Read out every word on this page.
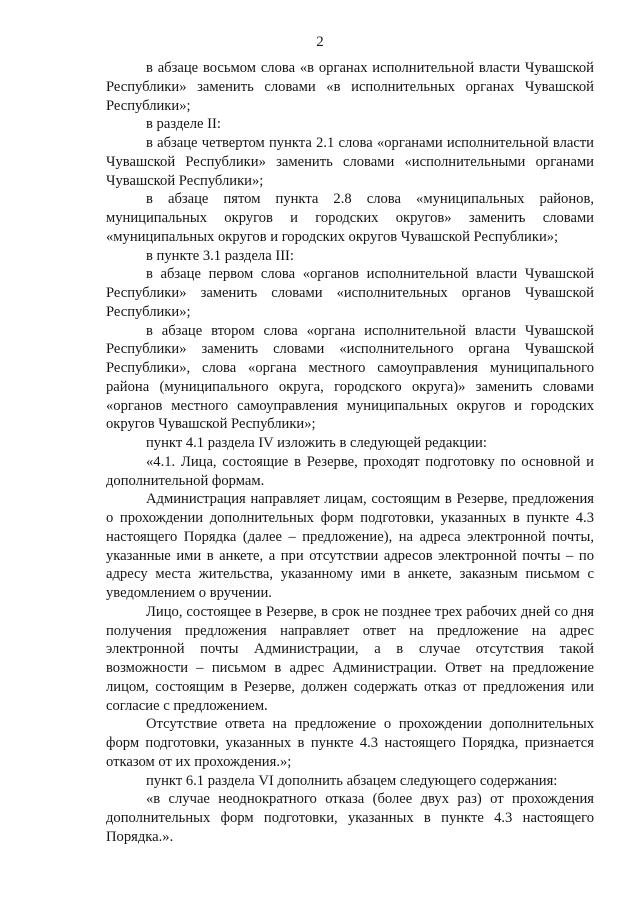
2

в абзаце восьмом слова «в органах исполнительной власти Чувашской Республики» заменить словами «в исполнительных органах Чувашской Республики»;

в разделе II:

в абзаце четвертом пункта 2.1 слова «органами исполнительной власти Чувашской Республики» заменить словами «исполнительными органами Чувашской Республики»;

в абзаце пятом пункта 2.8 слова «муниципальных районов, муниципальных округов и городских округов» заменить словами «муниципальных округов и городских округов Чувашской Республики»;

в пункте 3.1 раздела III:

в абзаце первом слова «органов исполнительной власти Чувашской Республики» заменить словами «исполнительных органов Чувашской Республики»;

в абзаце втором слова «органа исполнительной власти Чувашской Республики» заменить словами «исполнительного органа Чувашской Республики», слова «органа местного самоуправления муниципального района (муниципального округа, городского округа)» заменить словами «органов местного самоуправления муниципальных округов и городских округов Чувашской Республики»;

пункт 4.1 раздела IV изложить в следующей редакции:

«4.1. Лица, состоящие в Резерве, проходят подготовку по основной и дополнительной формам.

Администрация направляет лицам, состоящим в Резерве, предложения о прохождении дополнительных форм подготовки, указанных в пункте 4.3 настоящего Порядка (далее – предложение), на адреса электронной почты, указанные ими в анкете, а при отсутствии адресов электронной почты – по адресу места жительства, указанному ими в анкете, заказным письмом с уведомлением о вручении.

Лицо, состоящее в Резерве, в срок не позднее трех рабочих дней со дня получения предложения направляет ответ на предложение на адрес электронной почты Администрации, а в случае отсутствия такой возможности – письмом в адрес Администрации. Ответ на предложение лицом, состоящим в Резерве, должен содержать отказ от предложения или согласие с предложением.

Отсутствие ответа на предложение о прохождении дополнительных форм подготовки, указанных в пункте 4.3 настоящего Порядка, признается отказом от их прохождения.»;

пункт 6.1 раздела VI дополнить абзацем следующего содержания:

«в случае неоднократного отказа (более двух раз) от прохождения дополнительных форм подготовки, указанных в пункте 4.3 настоящего Порядка.».
